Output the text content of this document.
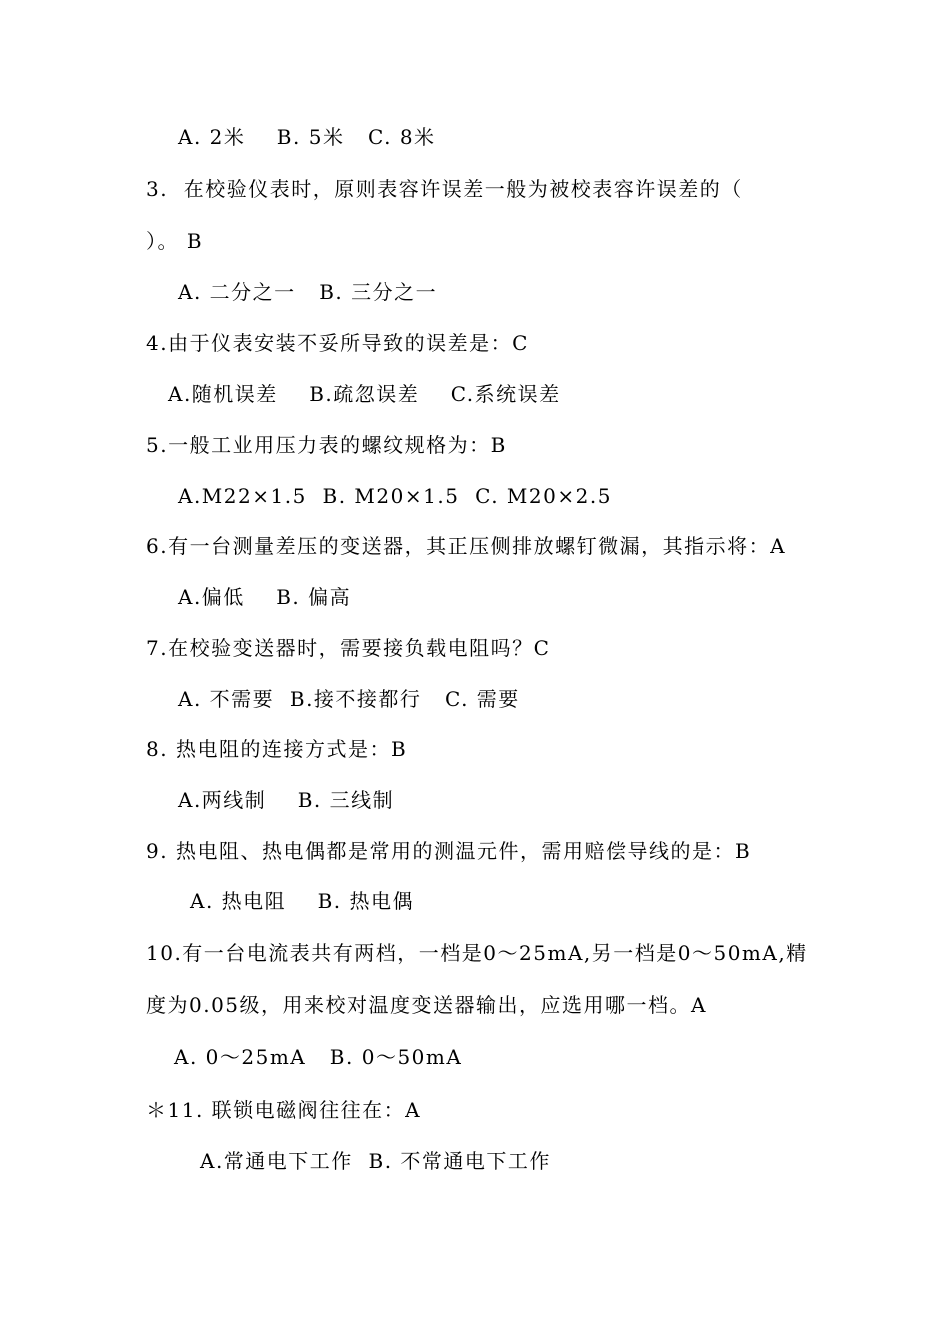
A. 2米    B. 5米   C. 8米
3.  在校验仪表时，原则表容许误差一般为被校表容许误差的（
）。 B
A. 二分之一   B. 三分之一
4.由于仪表安装不妥所导致的误差是：C
A.随机误差    B.疏忽误差    C.系统误差
5.一般工业用压力表的螺纹规格为：B
A.M22×1.5  B. M20×1.5  C. M20×2.5
6.有一台测量差压的变送器，其正压侧排放螺钉微漏，其指示将：A
A.偏低    B. 偏高
7.在校验变送器时，需要接负载电阻吗？C
A. 不需要  B.接不接都行   C. 需要
8. 热电阻的连接方式是：B
A.两线制    B. 三线制
9. 热电阻、热电偶都是常用的测温元件，需用赔偿导线的是：B
A. 热电阻    B. 热电偶
10.有一台电流表共有两档，一档是0～25mA,另一档是0～50mA,精
度为0.05级，用来校对温度变送器输出，应选用哪一档。A
A. 0～25mA   B. 0～50mA
＊11. 联锁电磁阀往往在：A
A.常通电下工作  B. 不常通电下工作
